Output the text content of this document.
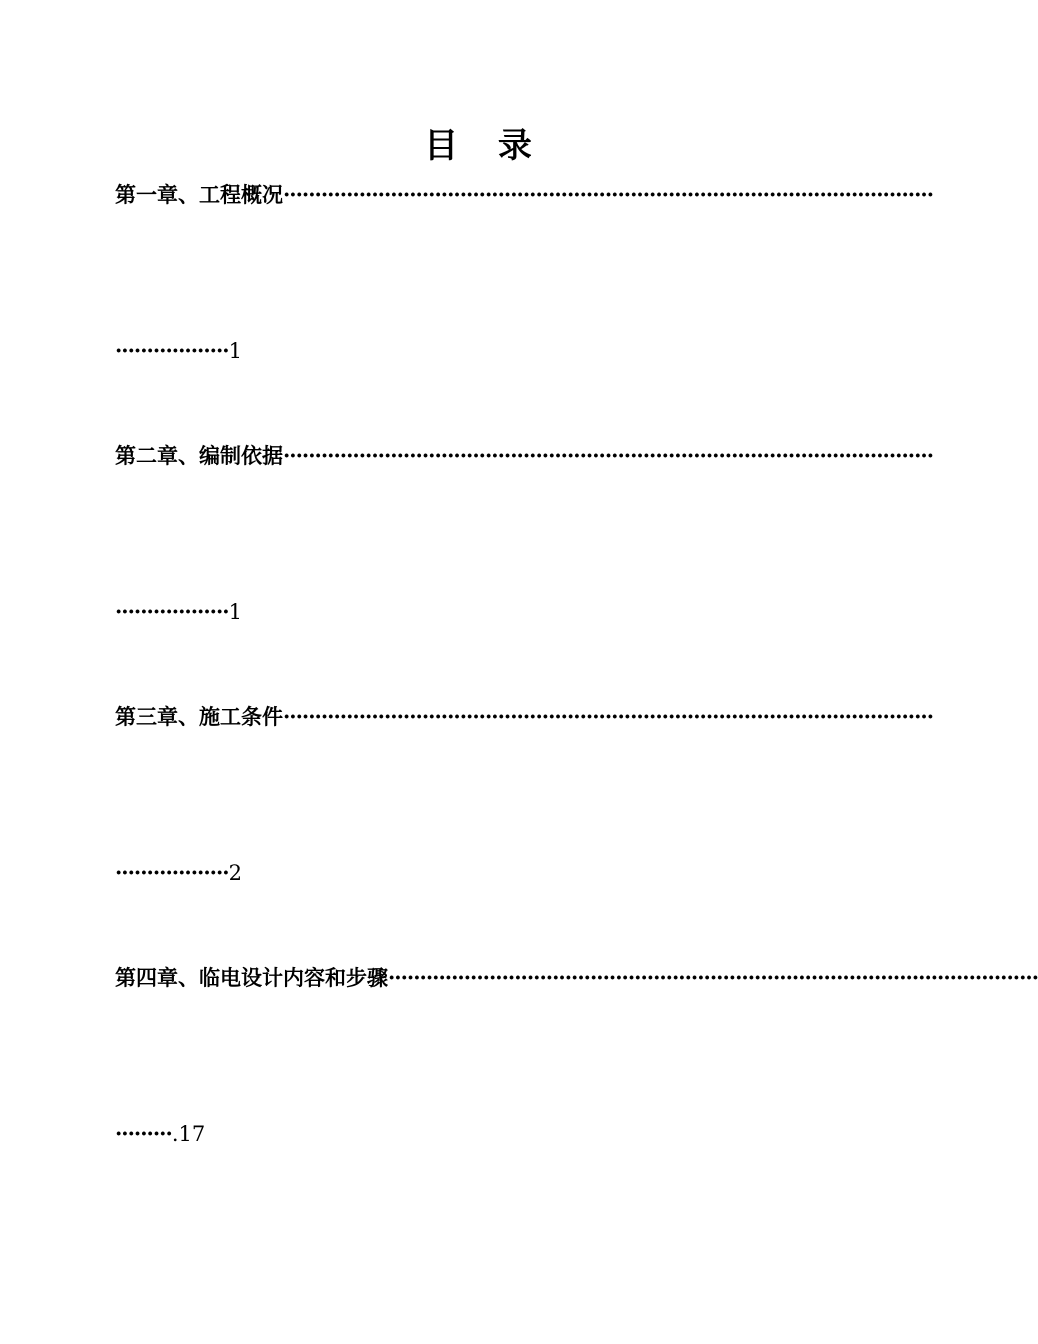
目 录
第一章、工程概况 ·······································································································
··················1
第二章、编制依据 ·······································································································
··················1
第三章、施工条件 ·······································································································
··················2
第四章、临电设计内容和步骤 ·······································································································
·········.17
